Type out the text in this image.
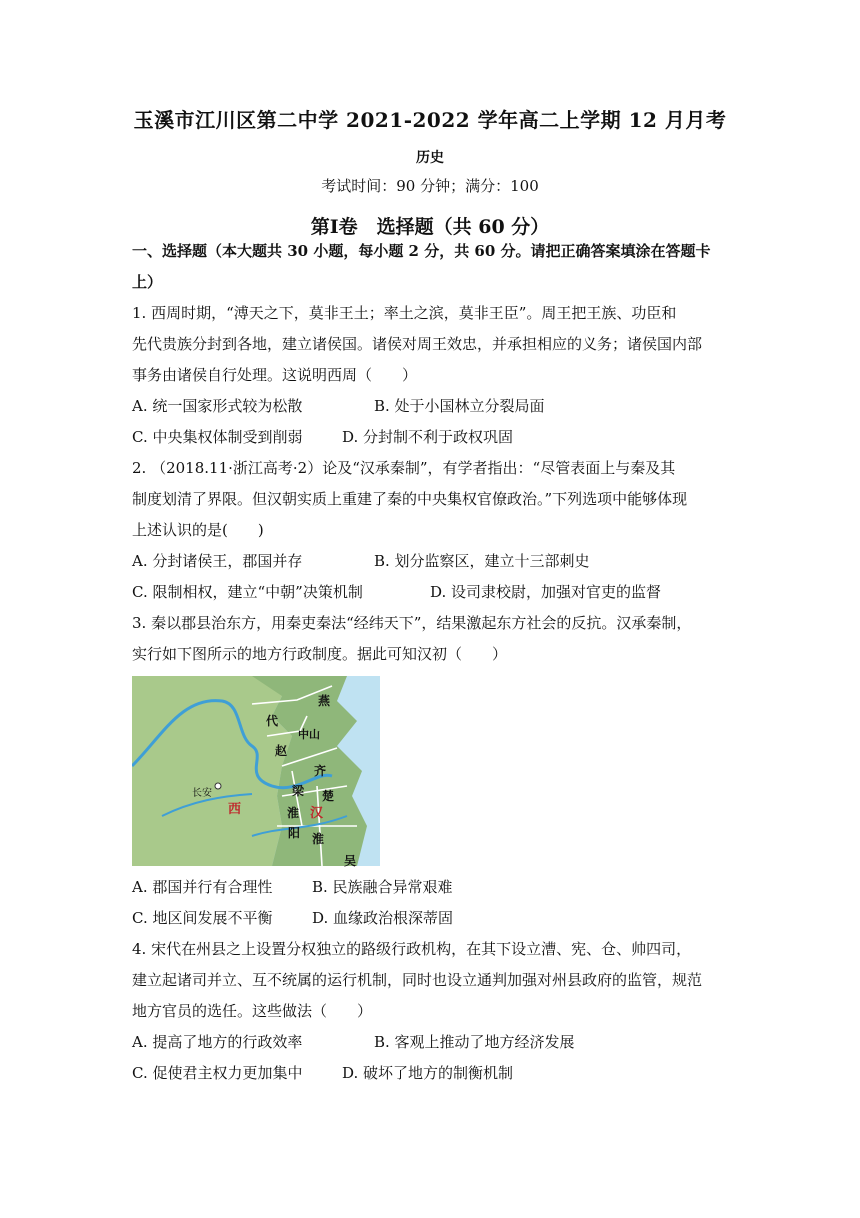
玉溪市江川区第二中学 2021-2022 学年高二上学期 12 月月考
历史
考试时间：90 分钟；满分：100
第Ⅰ卷　选择题（共 60 分）
一、选择题（本大题共 30 小题，每小题 2 分，共 60 分。请把正确答案填涂在答题卡
上）
1. 西周时期，“溥天之下，莫非王土；率土之滨，莫非王臣”。周王把王族、功臣和
先代贵族分封到各地，建立诸侯国。诸侯对周王效忠，并承担相应的义务；诸侯国内部
事务由诸侯自行处理。这说明西周（　　）
A. 统一国家形式较为松散	B. 处于小国林立分裂局面
C. 中央集权体制受到削弱	D. 分封制不利于政权巩固
2. （2018.11·浙江高考·2）论及“汉承秦制”，有学者指出：“尽管表面上与秦及其
制度划清了界限。但汉朝实质上重建了秦的中央集权官僚政治。”下列选项中能够体现
上述认识的是(　　)
A. 分封诸侯王，郡国并存	B. 划分监察区，建立十三部刺史
C. 限制相权，建立“中朝”决策机制	D. 设司隶校尉，加强对官吏的监督
3. 秦以郡县治东方，用秦吏秦法“经纬天下”，结果激起东方社会的反抗。汉承秦制，
实行如下图所示的地方行政制度。据此可知汉初（　　）
燕
代
中山
赵
齐
梁 楚
淮 汉
阳 淮
吴
长安
西
A. 郡国并行有合理性	B. 民族融合异常艰难
C. 地区间发展不平衡	D. 血缘政治根深蒂固
4. 宋代在州县之上设置分权独立的路级行政机构，在其下设立漕、宪、仓、帅四司，
建立起诸司并立、互不统属的运行机制，同时也设立通判加强对州县政府的监管，规范
地方官员的选任。这些做法（　　）
A. 提高了地方的行政效率	B. 客观上推动了地方经济发展
C. 促使君主权力更加集中	D. 破坏了地方的制衡机制
